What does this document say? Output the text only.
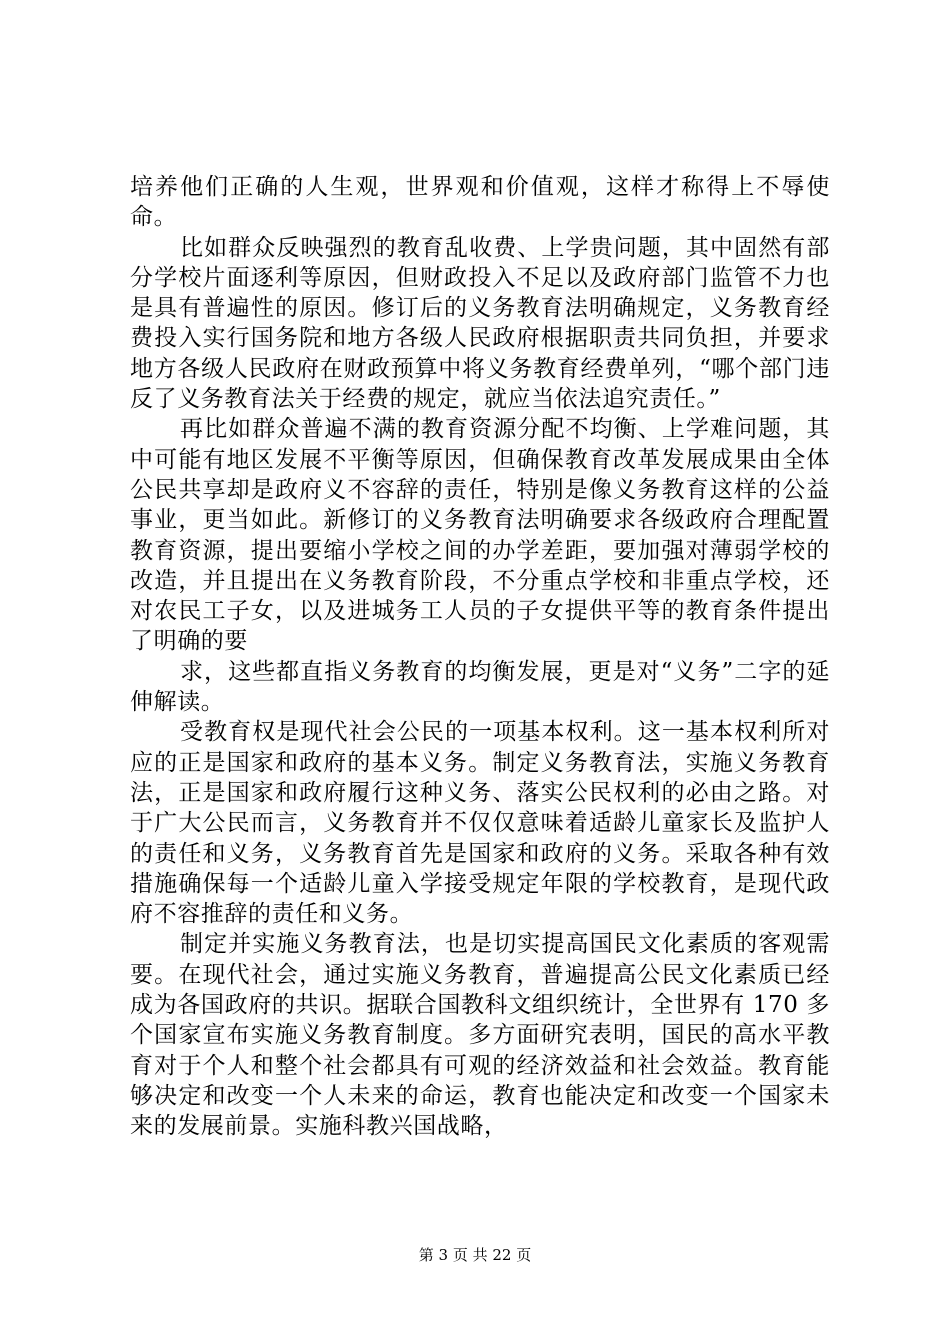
培养他们正确的人生观，世界观和价值观，这样才称得上不辱使命。

比如群众反映强烈的教育乱收费、上学贵问题，其中固然有部分学校片面逐利等原因，但财政投入不足以及政府部门监管不力也是具有普遍性的原因。修订后的义务教育法明确规定，义务教育经费投入实行国务院和地方各级人民政府根据职责共同负担，并要求地方各级人民政府在财政预算中将义务教育经费单列，“哪个部门违反了义务教育法关于经费的规定，就应当依法追究责任。”

再比如群众普遍不满的教育资源分配不均衡、上学难问题，其中可能有地区发展不平衡等原因，但确保教育改革发展成果由全体公民共享却是政府义不容辞的责任，特别是像义务教育这样的公益事业，更当如此。新修订的义务教育法明确要求各级政府合理配置教育资源，提出要缩小学校之间的办学差距，要加强对薄弱学校的改造，并且提出在义务教育阶段，不分重点学校和非重点学校，还对农民工子女，以及进城务工人员的子女提供平等的教育条件提出了明确的要

求，这些都直指义务教育的均衡发展，更是对“义务”二字的延伸解读。

受教育权是现代社会公民的一项基本权利。这一基本权利所对应的正是国家和政府的基本义务。制定义务教育法，实施义务教育法，正是国家和政府履行这种义务、落实公民权利的必由之路。对于广大公民而言，义务教育并不仅仅意味着适龄儿童家长及监护人的责任和义务，义务教育首先是国家和政府的义务。采取各种有效措施确保每一个适龄儿童入学接受规定年限的学校教育，是现代政府不容推辞的责任和义务。

制定并实施义务教育法，也是切实提高国民文化素质的客观需要。在现代社会，通过实施义务教育，普遍提高公民文化素质已经成为各国政府的共识。据联合国教科文组织统计，全世界有 170 多个国家宣布实施义务教育制度。多方面研究表明，国民的高水平教育对于个人和整个社会都具有可观的经济效益和社会效益。教育能够决定和改变一个人未来的命运，教育也能决定和改变一个国家未来的发展前景。实施科教兴国战略，

第 3 页 共 22 页
